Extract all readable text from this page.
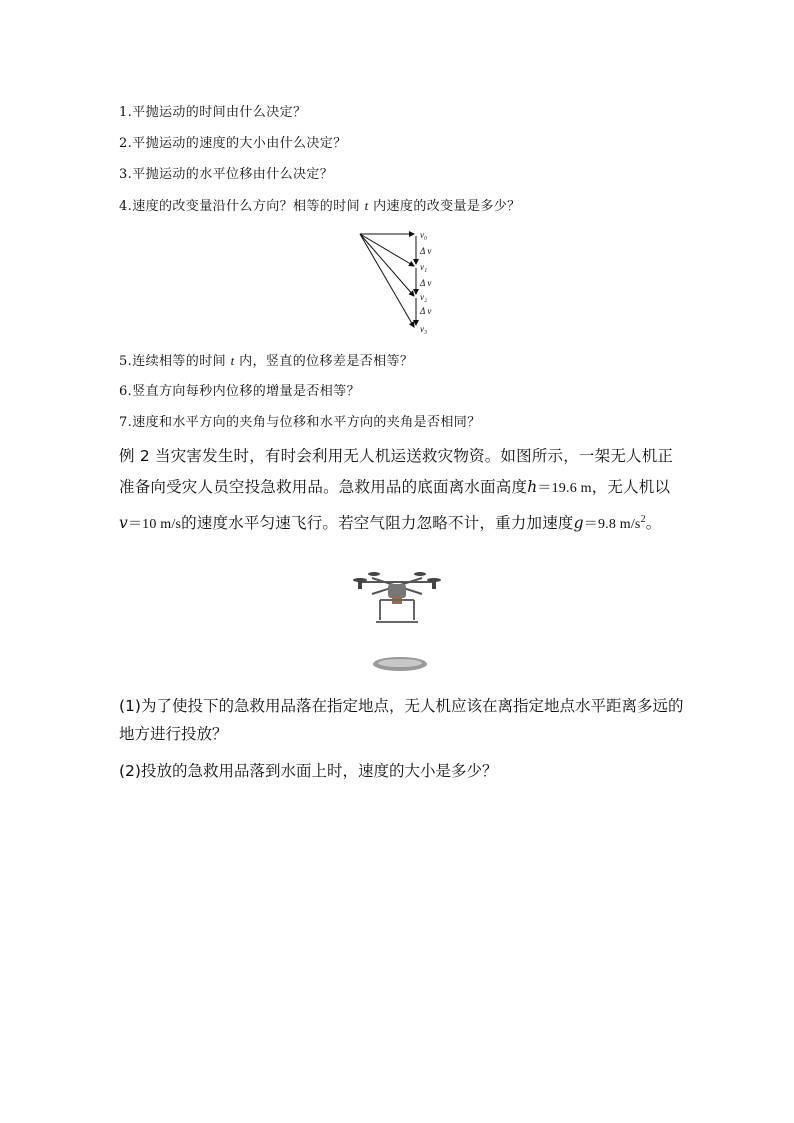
1.平抛运动的时间由什么决定？
2.平抛运动的速度的大小由什么决定？
3.平抛运动的水平位移由什么决定？
4.速度的改变量沿什么方向？相等的时间 t 内速度的改变量是多少？
v₀
Δ v
v₁
Δ v
v₂
Δ v
v₃
5.连续相等的时间 t 内，竖直的位移差是否相等？
6.竖直方向每秒内位移的增量是否相等？
7.速度和水平方向的夹角与位移和水平方向的夹角是否相同？
例 2 当灾害发生时，有时会利用无人机运送救灾物资。如图所示，一架无人机正准备向受灾人员空投急救用品。急救用品的底面离水面高度h＝19.6 m，无人机以v＝10 m/s的速度水平匀速飞行。若空气阻力忽略不计，重力加速度g＝9.8 $m/s^2$。
(1)为了使投下的急救用品落在指定地点，无人机应该在离指定地点水平距离多远的地方进行投放？
(2)投放的急救用品落到水面上时，速度的大小是多少？
